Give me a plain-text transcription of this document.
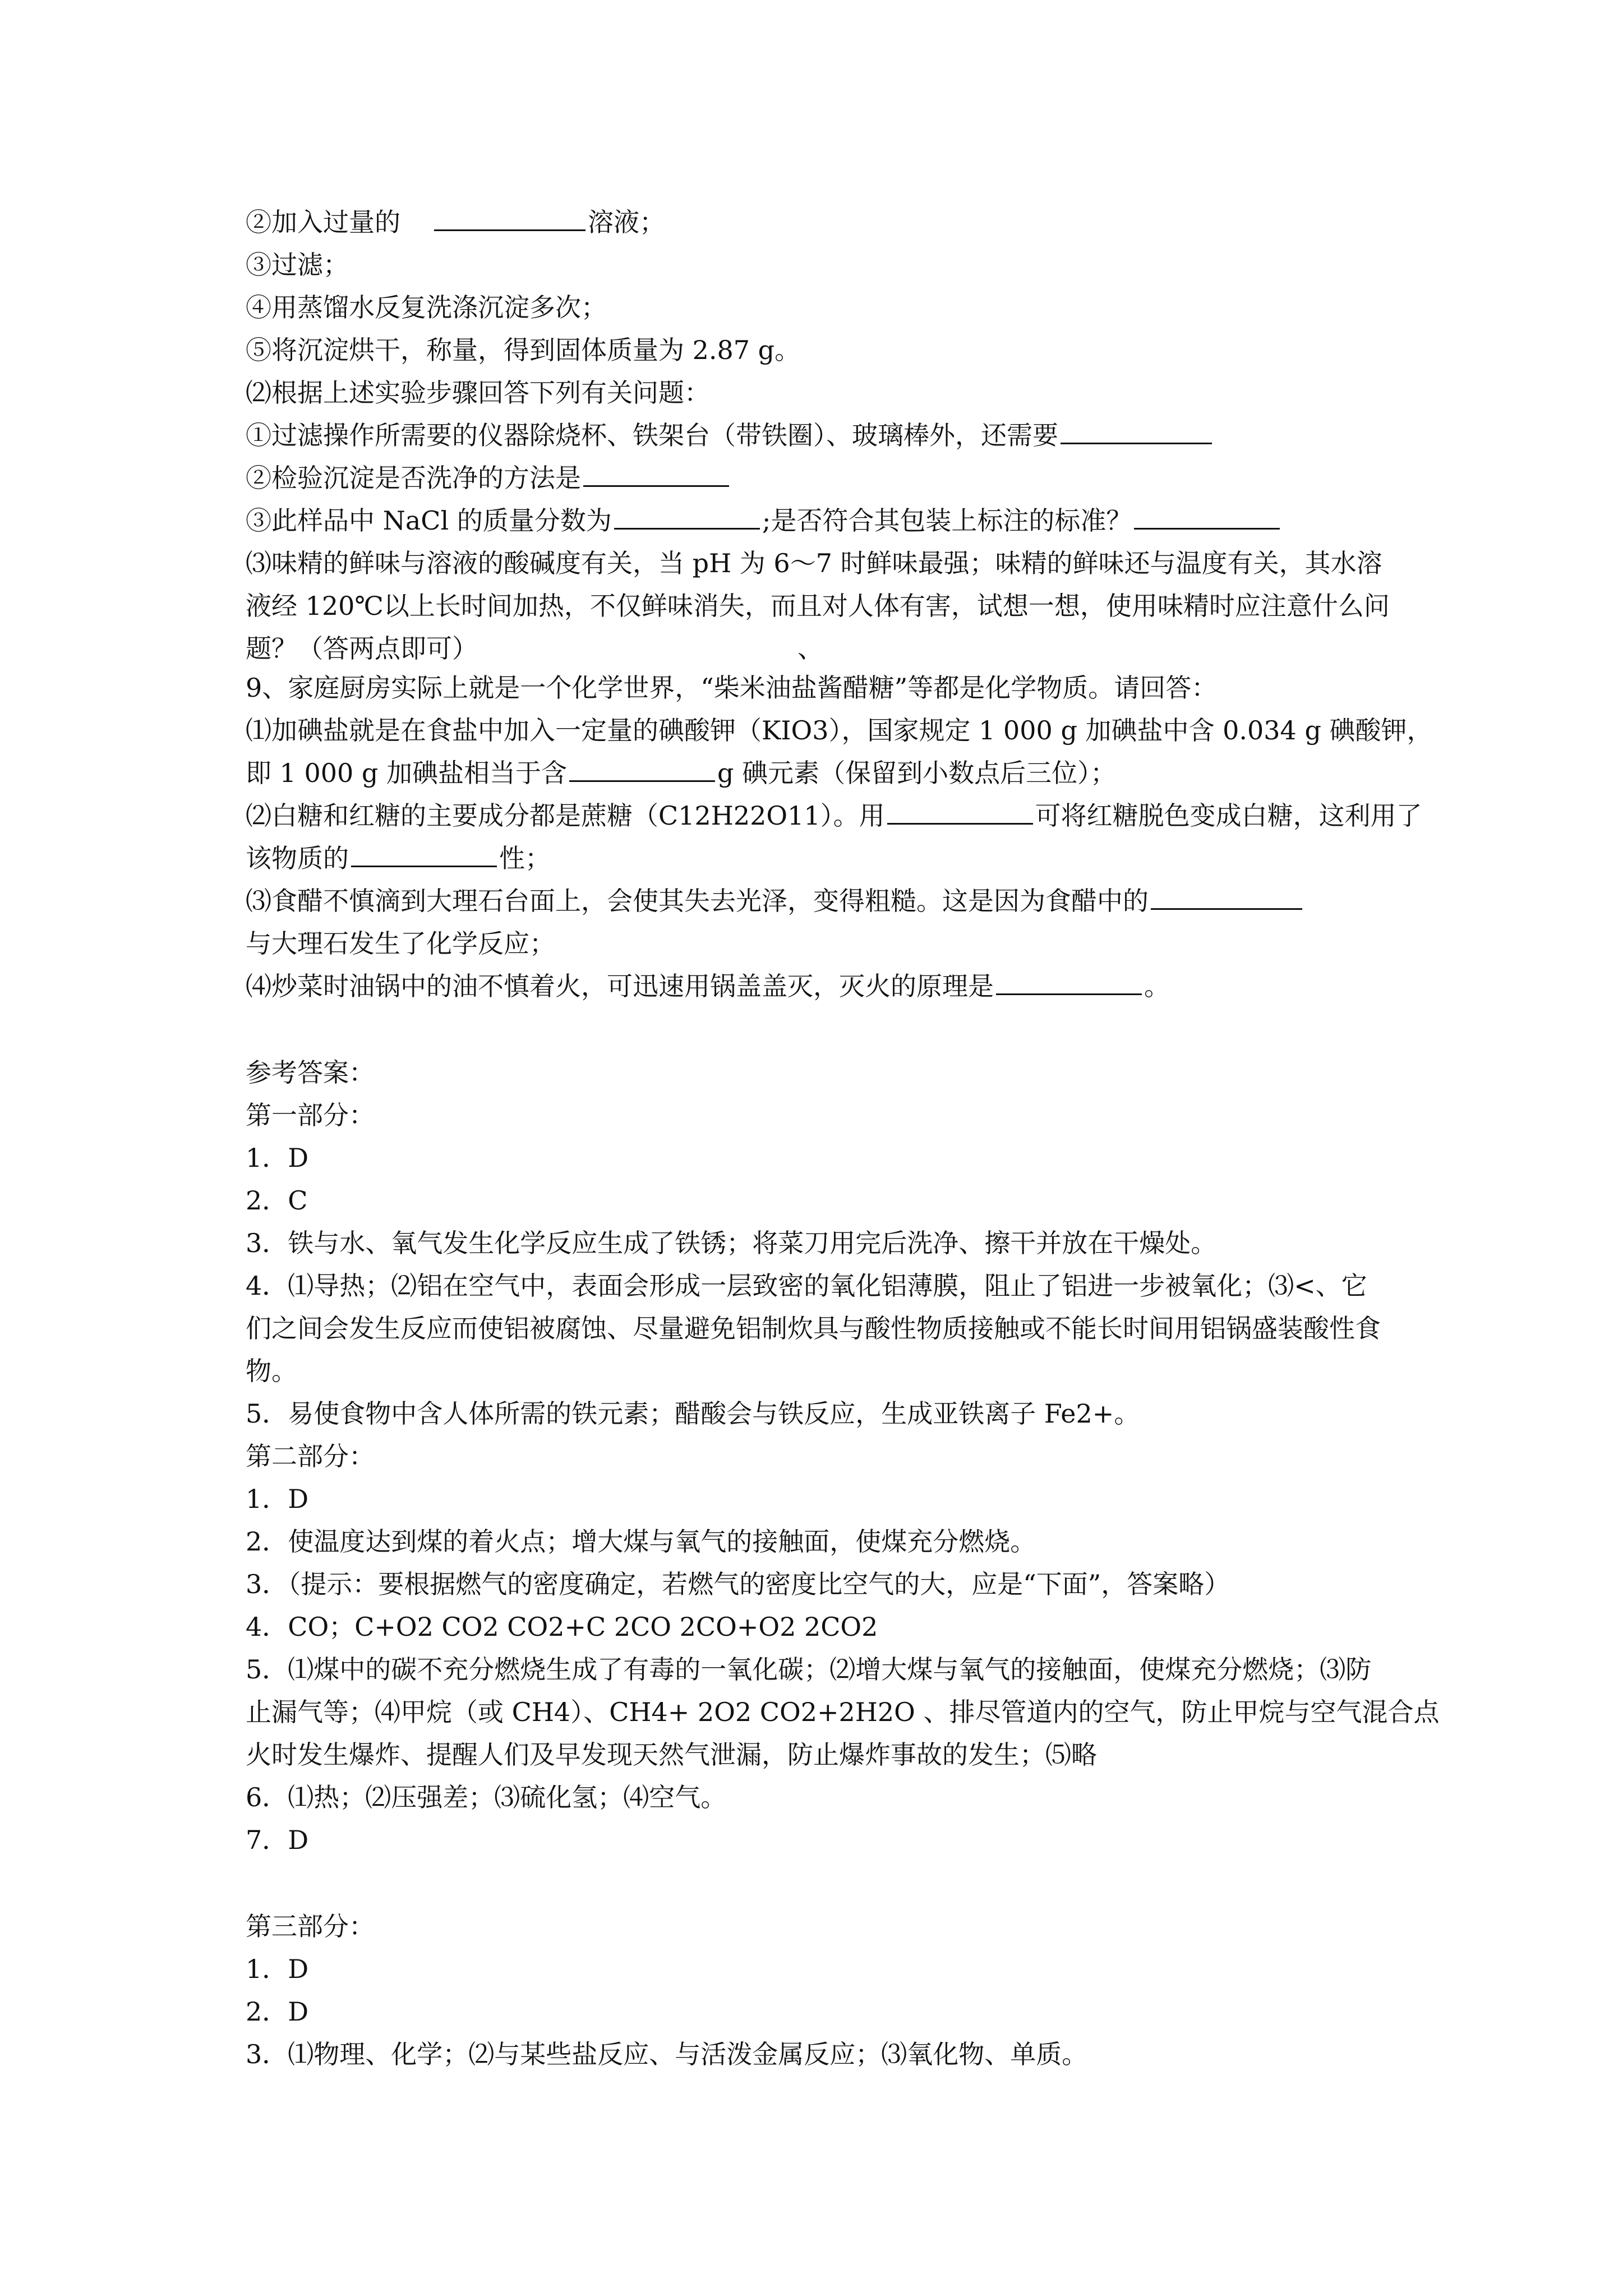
②加入过量的	溶液；
③过滤；
④用蒸馏水反复洗涤沉淀多次；
⑤将沉淀烘干，称量，得到固体质量为 2.87 g。
⑵根据上述实验步骤回答下列有关问题：
①过滤操作所需要的仪器除烧杯、铁架台（带铁圈）、玻璃棒外，还需要
②检验沉淀是否洗净的方法是
③此样品中 NaCl 的质量分数为	;是否符合其包装上标注的标准？
⑶味精的鲜味与溶液的酸碱度有关，当 pH 为 6～7 时鲜味最强；味精的鲜味还与温度有关，其水溶
液经 120℃以上长时间加热，不仅鲜味消失，而且对人体有害，试想一想，使用味精时应注意什么问
题？（答两点即可）	、
9、家庭厨房实际上就是一个化学世界，“柴米油盐酱醋糖”等都是化学物质。请回答：
⑴加碘盐就是在食盐中加入一定量的碘酸钾（KIO3），国家规定 1 000 g 加碘盐中含 0.034 g 碘酸钾，
即 1 000 g 加碘盐相当于含	g 碘元素（保留到小数点后三位）；
⑵白糖和红糖的主要成分都是蔗糖（C12H22O11）。用	可将红糖脱色变成白糖，这利用了
该物质的	性；
⑶食醋不慎滴到大理石台面上，会使其失去光泽，变得粗糙。这是因为食醋中的
与大理石发生了化学反应；
⑷炒菜时油锅中的油不慎着火，可迅速用锅盖盖灭，灭火的原理是	。
参考答案：
第一部分：
1．D
2．C
3．铁与水、氧气发生化学反应生成了铁锈；将菜刀用完后洗净、擦干并放在干燥处。
4．⑴导热；⑵铝在空气中，表面会形成一层致密的氧化铝薄膜，阻止了铝进一步被氧化；⑶<、它
们之间会发生反应而使铝被腐蚀、尽量避免铝制炊具与酸性物质接触或不能长时间用铝锅盛装酸性食
物。
5．易使食物中含人体所需的铁元素；醋酸会与铁反应，生成亚铁离子 Fe2+。
第二部分：
1．D
2．使温度达到煤的着火点；增大煤与氧气的接触面，使煤充分燃烧。
3．（提示：要根据燃气的密度确定，若燃气的密度比空气的大，应是“下面”，答案略）
4．CO；C+O2 CO2 CO2+C 2CO 2CO+O2 2CO2
5．⑴煤中的碳不充分燃烧生成了有毒的一氧化碳；⑵增大煤与氧气的接触面，使煤充分燃烧；⑶防
止漏气等；⑷甲烷（或 CH4）、CH4+ 2O2 CO2+2H2O 、排尽管道内的空气，防止甲烷与空气混合点
火时发生爆炸、提醒人们及早发现天然气泄漏，防止爆炸事故的发生；⑸略
6．⑴热；⑵压强差；⑶硫化氢；⑷空气。
7．D
第三部分：
1．D
2．D
3．⑴物理、化学；⑵与某些盐反应、与活泼金属反应；⑶氧化物、单质。
